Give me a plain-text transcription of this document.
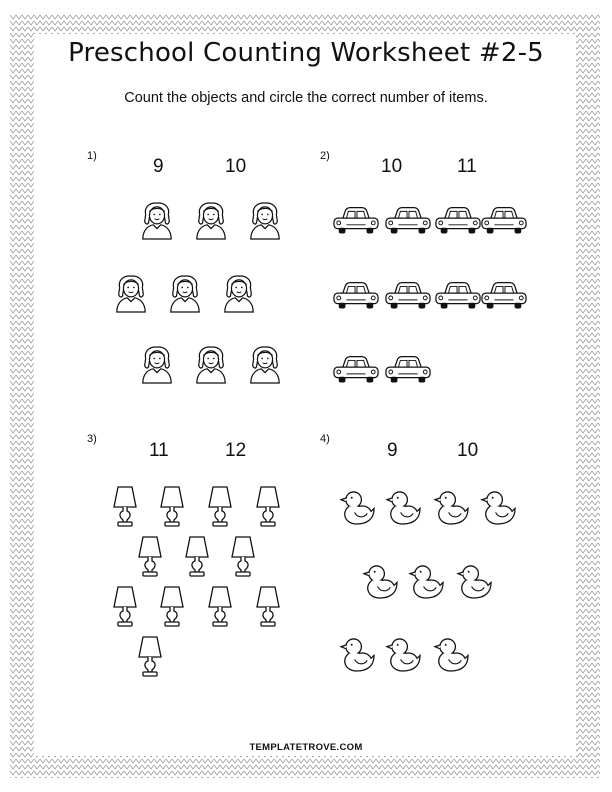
Preschool Counting Worksheet #2-5
Count the objects and circle the correct number of items.
1)	9	10	2)	10	11
3)
11	12
4)
9	10
TEMPLATETROVE.COM
